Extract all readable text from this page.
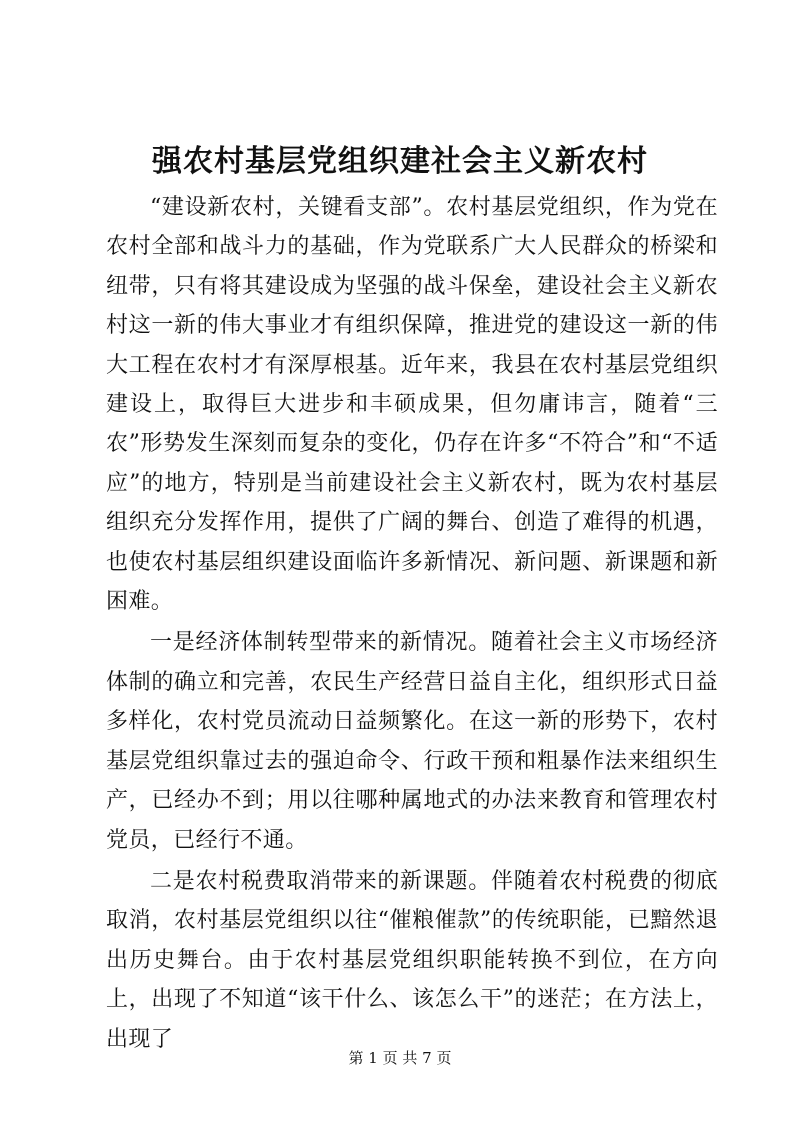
强农村基层党组织建社会主义新农村

“建设新农村，关键看支部”。农村基层党组织，作为党在农村全部和战斗力的基础，作为党联系广大人民群众的桥梁和纽带，只有将其建设成为坚强的战斗保垒，建设社会主义新农村这一新的伟大事业才有组织保障，推进党的建设这一新的伟大工程在农村才有深厚根基。近年来，我县在农村基层党组织建设上，取得巨大进步和丰硕成果，但勿庸讳言，随着“三农”形势发生深刻而复杂的变化，仍存在许多“不符合”和“不适应”的地方，特别是当前建设社会主义新农村，既为农村基层组织充分发挥作用，提供了广阔的舞台、创造了难得的机遇，也使农村基层组织建设面临许多新情况、新问题、新课题和新困难。

一是经济体制转型带来的新情况。随着社会主义市场经济体制的确立和完善，农民生产经营日益自主化，组织形式日益多样化，农村党员流动日益频繁化。在这一新的形势下，农村基层党组织靠过去的强迫命令、行政干预和粗暴作法来组织生产，已经办不到；用以往哪种属地式的办法来教育和管理农村党员，已经行不通。

二是农村税费取消带来的新课题。伴随着农村税费的彻底取消，农村基层党组织以往“催粮催款”的传统职能，已黯然退出历史舞台。由于农村基层党组织职能转换不到位，在方向上，出现了不知道“该干什么、该怎么干”的迷茫；在方法上，出现了

第 1 页 共 7 页
